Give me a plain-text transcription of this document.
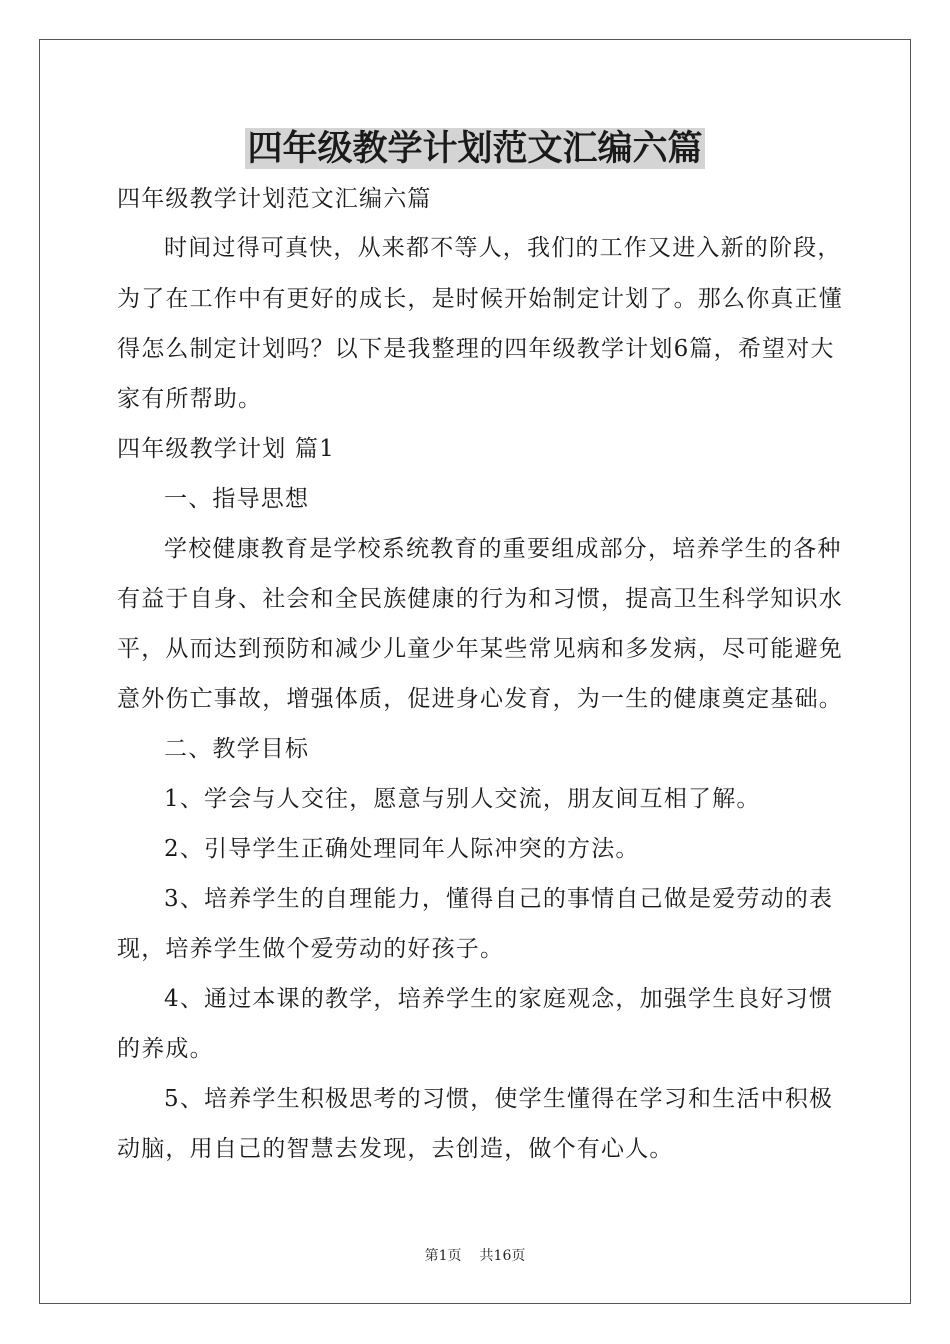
四年级教学计划范文汇编六篇
四年级教学计划范文汇编六篇
时间过得可真快，从来都不等人，我们的工作又进入新的阶段，
为了在工作中有更好的成长，是时候开始制定计划了。那么你真正懂
得怎么制定计划吗？以下是我整理的四年级教学计划6篇，希望对大
家有所帮助。
四年级教学计划 篇1
一、指导思想
学校健康教育是学校系统教育的重要组成部分，培养学生的各种
有益于自身、社会和全民族健康的行为和习惯，提高卫生科学知识水
平，从而达到预防和减少儿童少年某些常见病和多发病，尽可能避免
意外伤亡事故，增强体质，促进身心发育，为一生的健康奠定基础。
二、教学目标
1、学会与人交往，愿意与别人交流，朋友间互相了解。
2、引导学生正确处理同年人际冲突的方法。
3、培养学生的自理能力，懂得自己的事情自己做是爱劳动的表
现，培养学生做个爱劳动的好孩子。
4、通过本课的教学，培养学生的家庭观念，加强学生良好习惯
的养成。
5、培养学生积极思考的习惯，使学生懂得在学习和生活中积极
动脑，用自己的智慧去发现，去创造，做个有心人。
第1页 共16页
